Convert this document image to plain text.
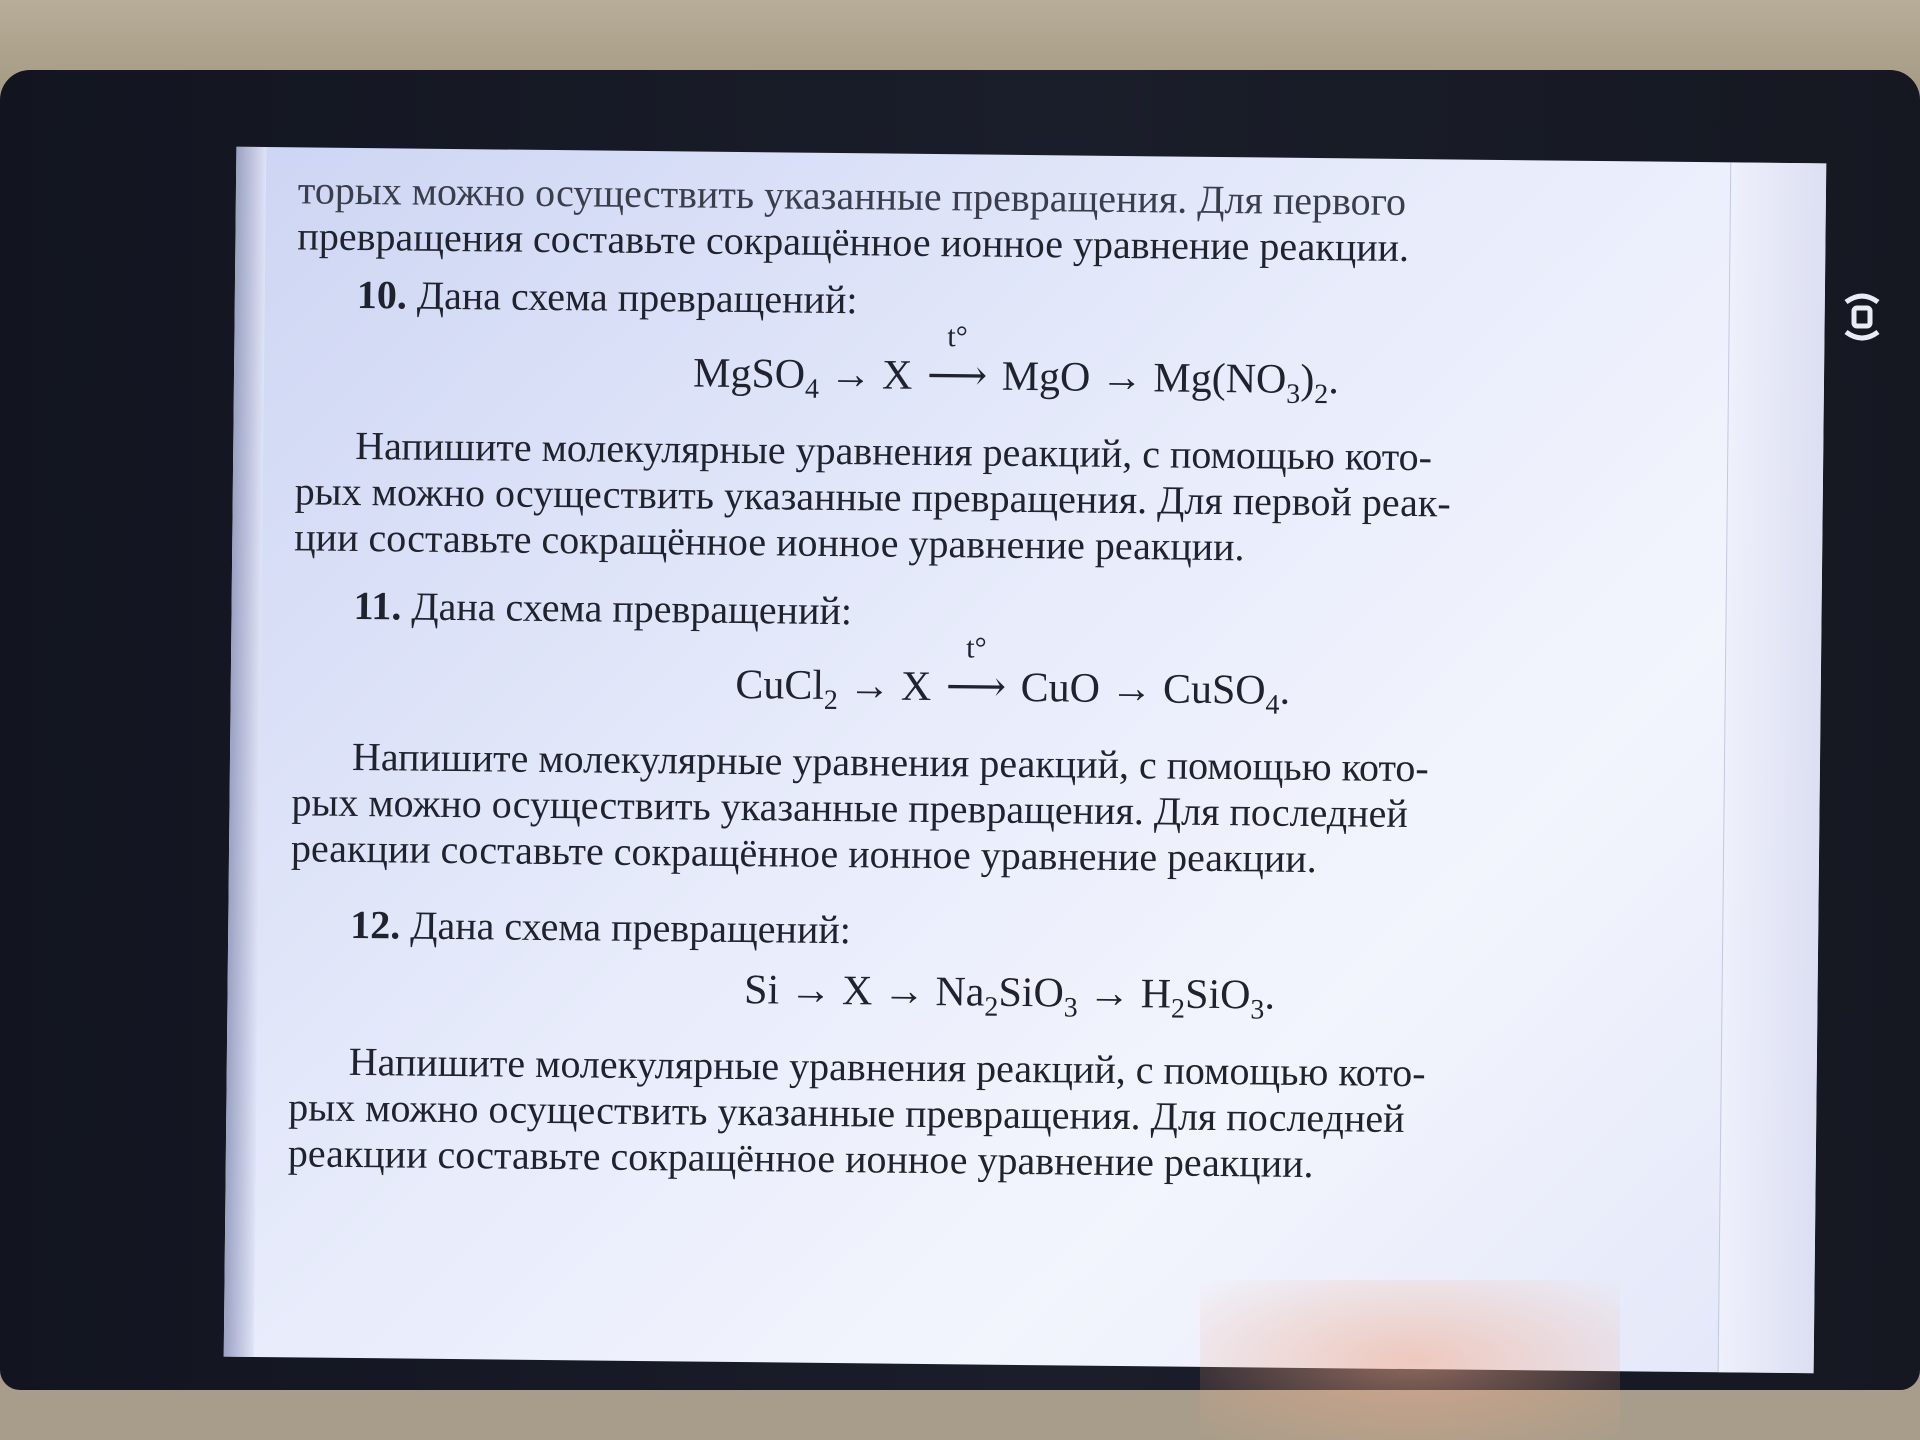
торых можно осуществить указанные превращения. Для первого
превращения составьте сокращённое ионное уравнение реакции.
10. Дана схема превращений:
MgSO$_4$ → X
t°
⟶ MgO → $Mg(NO_3)_2$.
Напишите молекулярные уравнения реакций, с помощью кото-
рых можно осуществить указанные превращения. Для первой реак-
ции составьте сокращённое ионное уравнение реакции.
11. Дана схема превращений:
CuCl$_2$ → X
t°
⟶ CuO → CuSO$_4$.
Напишите молекулярные уравнения реакций, с помощью кото-
рых можно осуществить указанные превращения. Для последней
реакции составьте сокращённое ионное уравнение реакции.
12. Дана схема превращений:
$Si \to X \to Na_2SiO_3 \to H_2SiO_3$.
Напишите молекулярные уравнения реакций, с помощью кото-
рых можно осуществить указанные превращения. Для последней
реакции составьте сокращённое ионное уравнение реакции.
